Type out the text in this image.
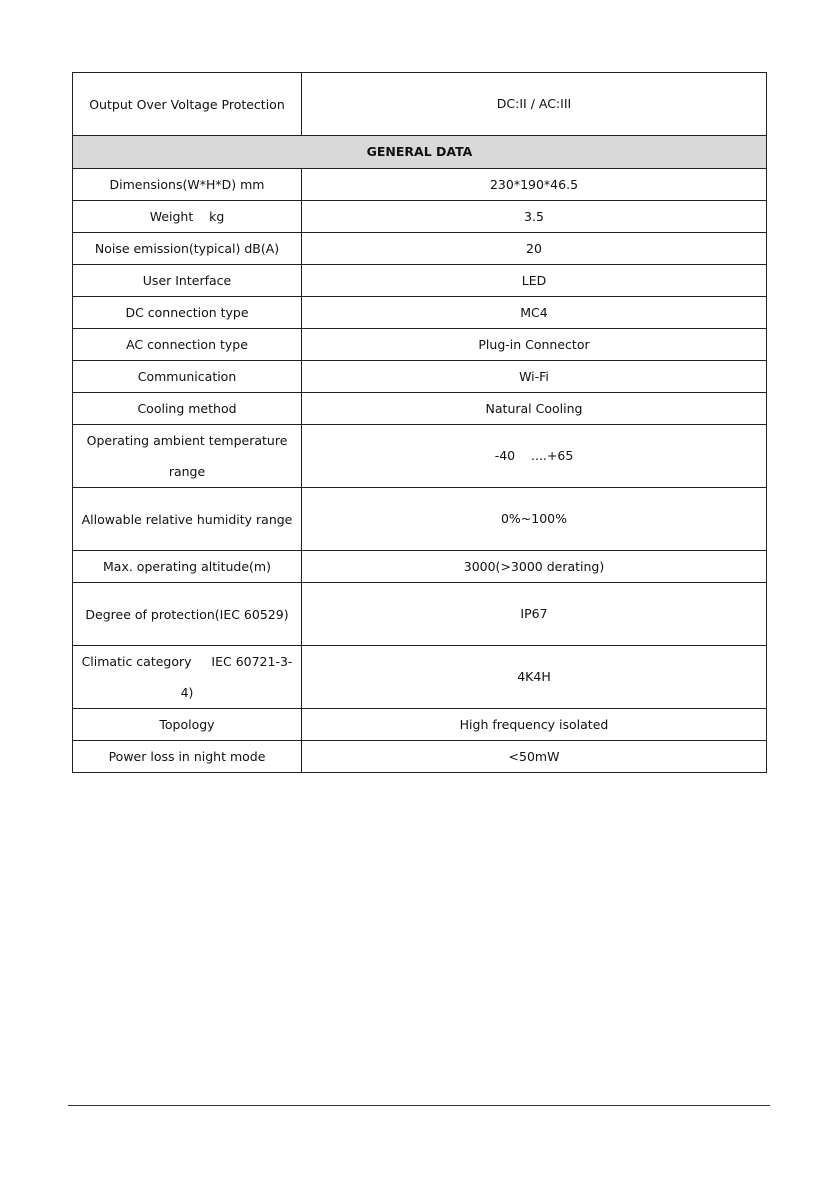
Output Over Voltage Protection	DC:II / AC:III
GENERAL DATA	
Dimensions(W*H*D) mm	230*190*46.5
Weight    kg	3.5
Noise emission(typical) dB(A)	20
User Interface	LED
DC connection type	MC4
AC connection type	Plug-in Connector
Communication	Wi-Fi
Cooling method	Natural Cooling
Operating ambient temperature range	-40    ....+65
Allowable relative humidity range	0%~100%
Max. operating altitude(m)	3000(>3000 derating)
Degree of protection(IEC 60529)	IP67
Climatic category     IEC 60721-3-4)	4K4H
Topology	High frequency isolated
Power loss in night mode	<50mW
